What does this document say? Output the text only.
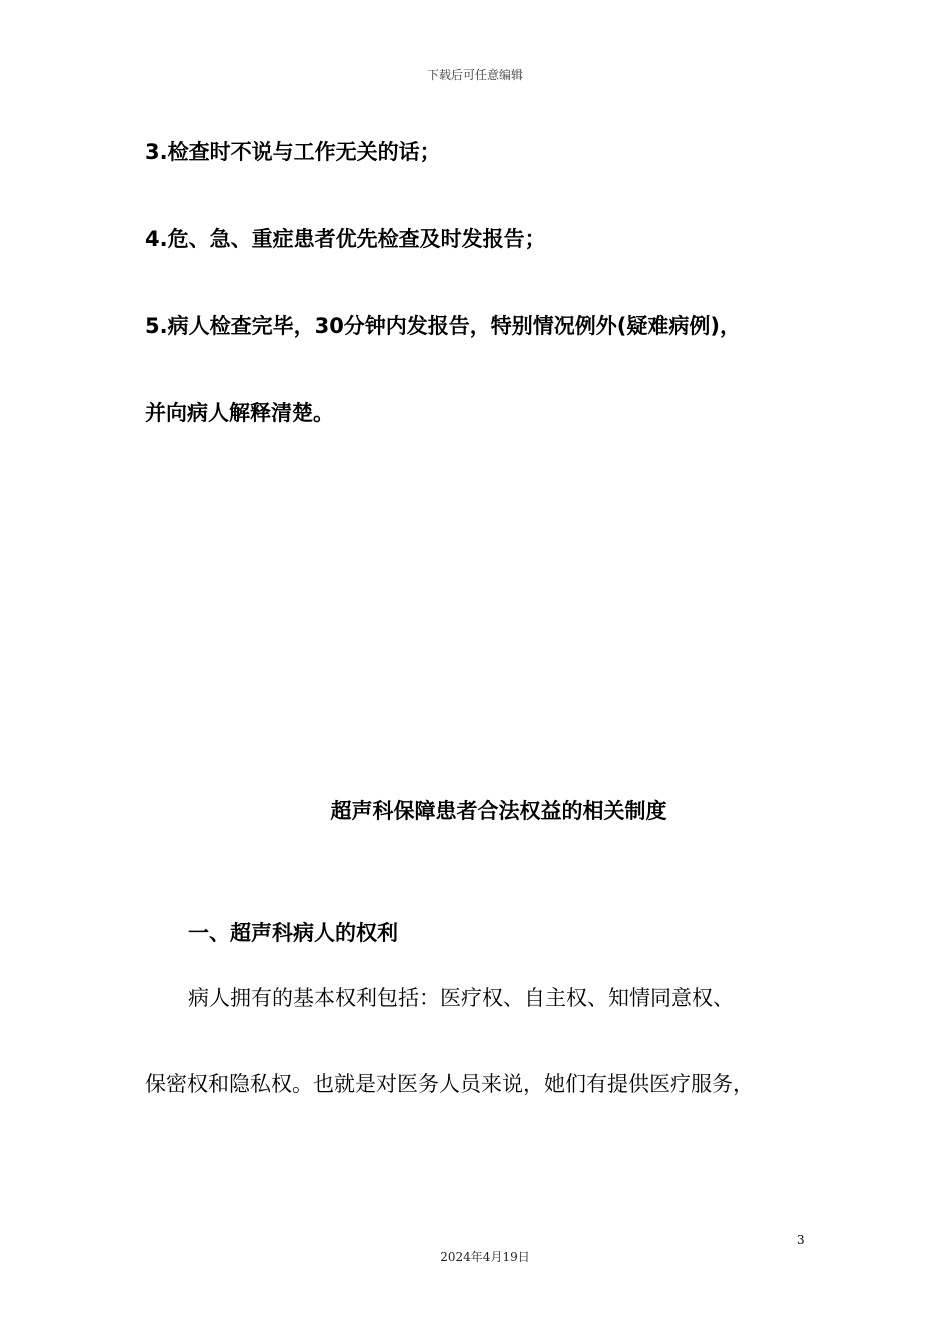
下载后可任意编辑
3.检查时不说与工作无关的话；
4.危、急、重症患者优先检查及时发报告；
5.病人检查完毕，30分钟内发报告，特别情况例外(疑难病例)，
并向病人解释清楚。
超声科保障患者合法权益的相关制度
一、超声科病人的权利
病人拥有的基本权利包括：医疗权、自主权、知情同意权、
保密权和隐私权。也就是对医务人员来说，她们有提供医疗服务，
3
2024年4月19日
